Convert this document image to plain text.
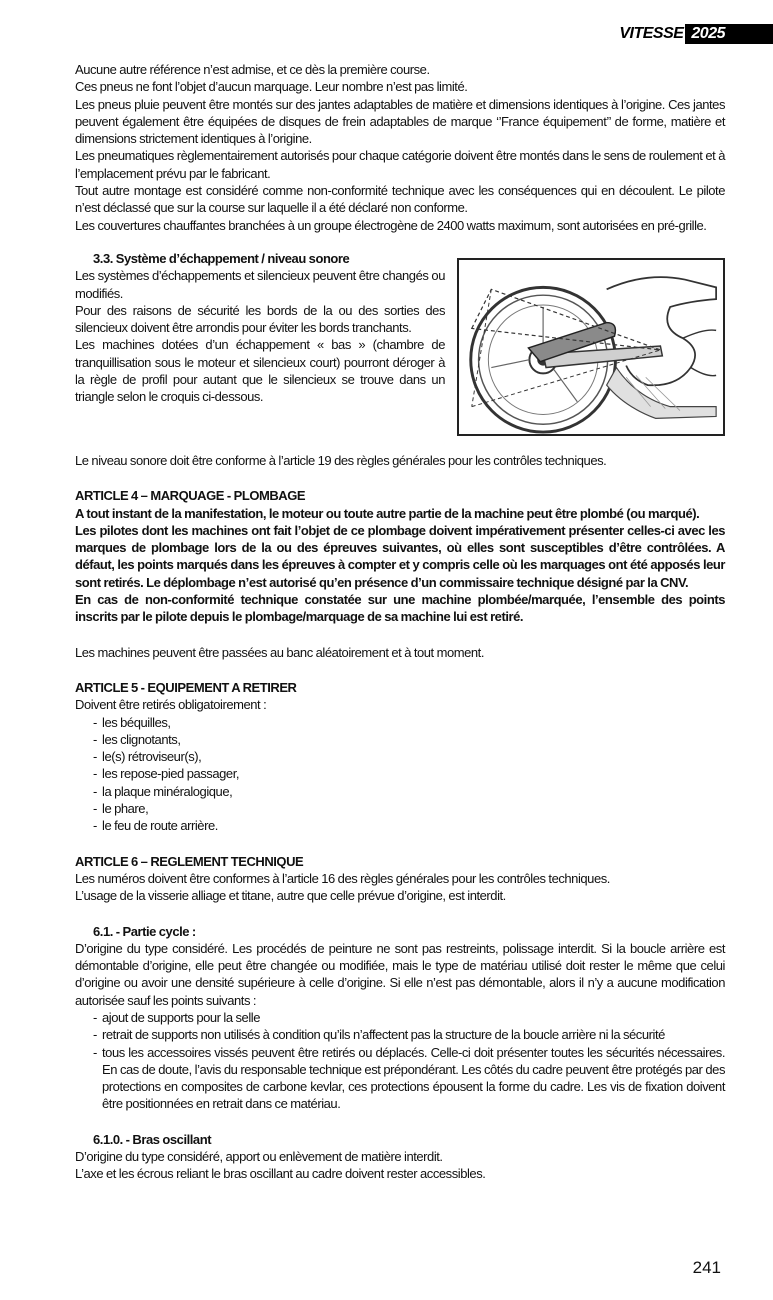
VITESSE 2025

Aucune autre référence n’est admise, et ce dès la première course.

Ces pneus ne font l’objet d’aucun marquage. Leur nombre n’est pas limité.

Les pneus pluie peuvent être montés sur des jantes adaptables de matière et dimensions identiques à l’origine. Ces jantes peuvent également être équipées de disques de frein adaptables de marque ‘’France équipement’’ de forme, matière et dimensions strictement identiques à l’origine.

Les pneumatiques règlementairement autorisés pour chaque catégorie doivent être montés dans le sens de roulement et à l’emplacement prévu par le fabricant.

Tout autre montage est considéré comme non-conformité technique avec les conséquences qui en découlent. Le pilote n’est déclassé que sur la course sur laquelle il a été déclaré non conforme.

Les couvertures chauffantes branchées à un groupe électrogène de 2400 watts maximum, sont autorisées en pré-grille.

3.3. Système d’échappement / niveau sonore

Les systèmes d’échappements et silencieux peuvent être changés ou modifiés.

Pour des raisons de sécurité les bords de la ou des sorties des silencieux doivent être arrondis pour éviter les bords tranchants.

Les machines dotées d’un échappement « bas » (chambre de tranquillisation sous le moteur et silencieux court) pourront déroger à la règle de profil pour autant que le silencieux se trouve dans un triangle selon le croquis ci-dessous.

Le niveau sonore doit être conforme à l’article 19 des règles générales pour les contrôles techniques.

ARTICLE 4 – MARQUAGE - PLOMBAGE

A tout instant de la manifestation, le moteur ou toute autre partie de la machine peut être plombé (ou marqué).

Les pilotes dont les machines ont fait l’objet de ce plombage doivent impérativement présenter celles-ci avec les marques de plombage lors de la ou des épreuves suivantes, où elles sont susceptibles d’être contrôlées. A défaut, les points marqués dans les épreuves à compter et y compris celle où les marquages ont été apposés leur sont retirés. Le déplombage n’est autorisé qu’en présence d’un commissaire technique désigné par la CNV.

En cas de non-conformité technique constatée sur une machine plombée/marquée, l’ensemble des points inscrits par le pilote depuis le plombage/marquage de sa machine lui est retiré.

Les machines peuvent être passées au banc aléatoirement et à tout moment.

ARTICLE 5 - EQUIPEMENT A RETIRER

Doivent être retirés obligatoirement :

- les béquilles,
- les clignotants,
- le(s) rétroviseur(s),
- les repose-pied passager,
- la plaque minéralogique,
- le phare,
- le feu de route arrière.

ARTICLE 6 – REGLEMENT TECHNIQUE

Les numéros doivent être conformes à l’article 16 des règles générales pour les contrôles techniques.

L’usage de la visserie alliage et titane, autre que celle prévue d’origine, est interdit.

6.1. - Partie cycle :

D’origine du type considéré. Les procédés de peinture ne sont pas restreints, polissage interdit. Si la boucle arrière est démontable d’origine, elle peut être changée ou modifiée, mais le type de matériau utilisé doit rester le même que celui d’origine ou avoir une densité supérieure à celle d’origine. Si elle n’est pas démontable, alors il n’y a aucune modification autorisée sauf les points suivants :

- ajout de supports pour la selle
- retrait de supports non utilisés à condition qu’ils n’affectent pas la structure de la boucle arrière ni la sécurité
- tous les accessoires vissés peuvent être retirés ou déplacés. Celle-ci doit présenter toutes les sécurités nécessaires. En cas de doute, l’avis du responsable technique est prépondérant. Les côtés du cadre peuvent être protégés par des protections en composites de carbone kevlar, ces protections épousent la forme du cadre. Les vis de fixation doivent être positionnées en retrait dans ce matériau.

6.1.0. - Bras oscillant

D’origine du type considéré, apport ou enlèvement de matière interdit.

L’axe et les écrous reliant le bras oscillant au cadre doivent rester accessibles.

241
